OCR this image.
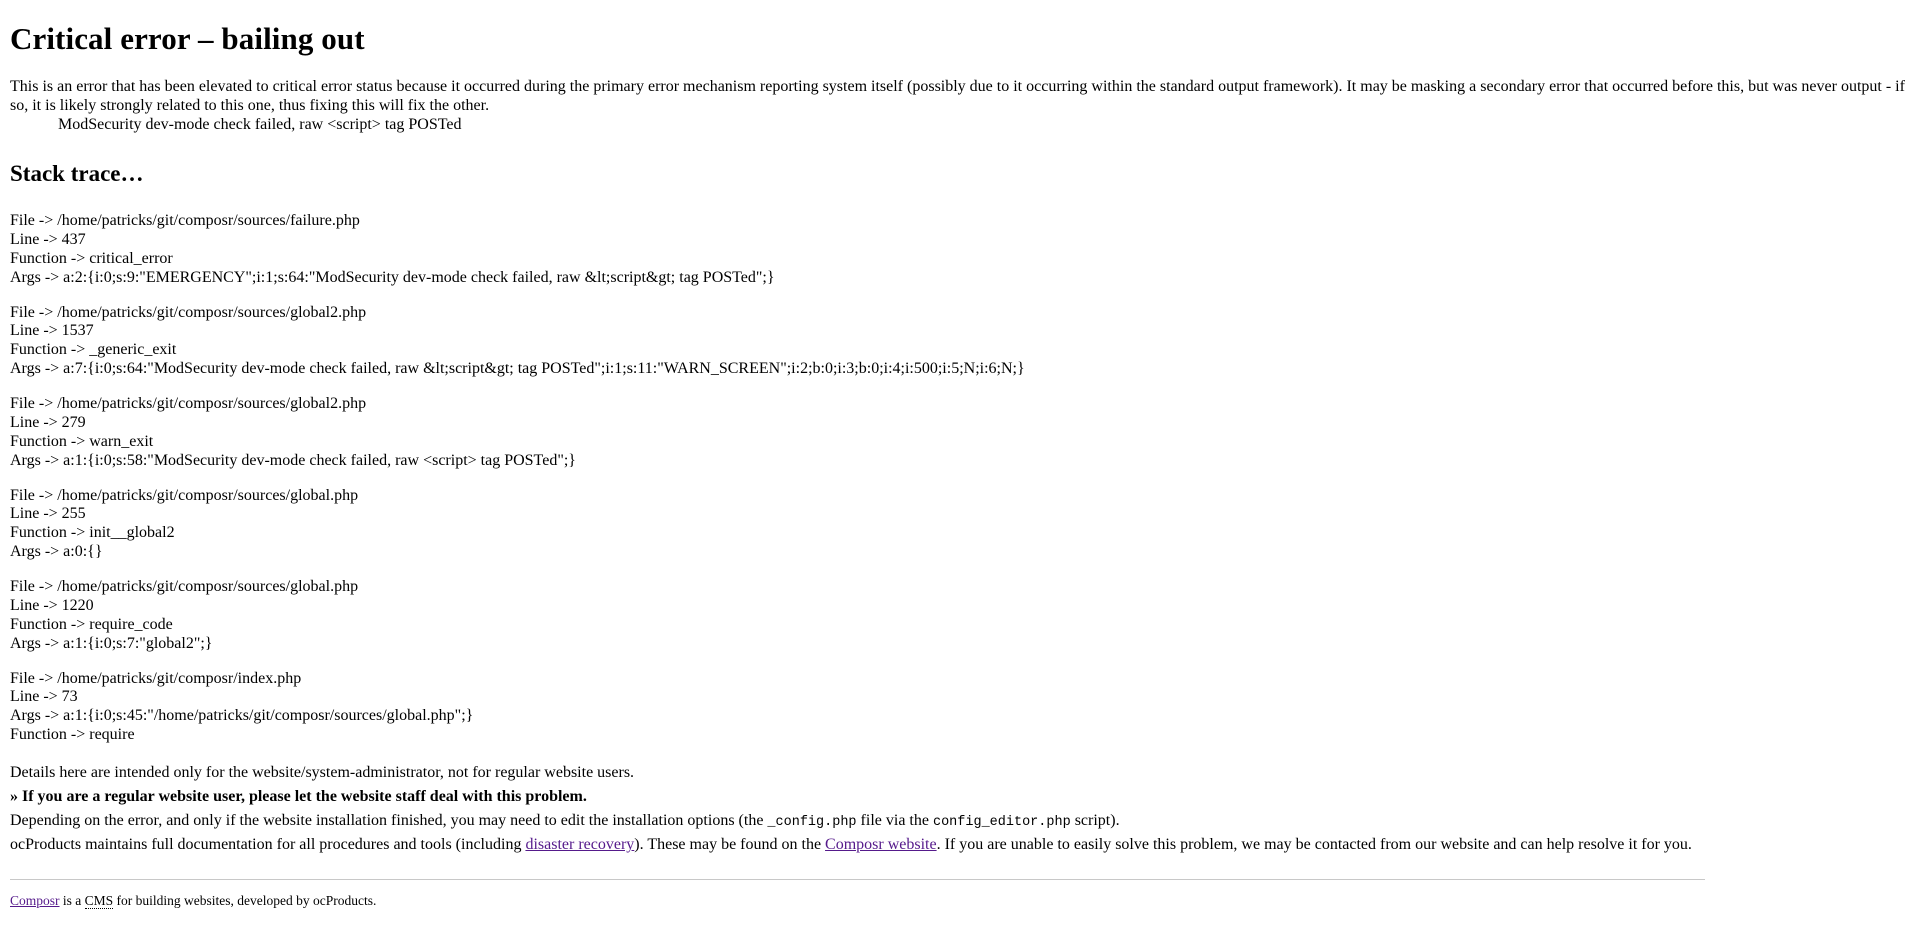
Critical error – bailing out

This is an error that has been elevated to critical error status because it occurred during the primary error mechanism reporting system itself (possibly due to it occurring within the standard output framework). It may be masking a secondary error that occurred before this, but was never output - if so, it is likely strongly related to this one, thus fixing this will fix the other.

ModSecurity dev-mode check failed, raw <script> tag POSTed

Stack trace…
File -> /home/patricks/git/composr/sources/failure.php
Line -> 437
Function -> critical_error
Args -> a:2:{i:0;s:9:"EMERGENCY";i:1;s:64:"ModSecurity dev-mode check failed, raw &lt;script&gt; tag POSTed";}
File -> /home/patricks/git/composr/sources/global2.php
Line -> 1537
Function -> _generic_exit
Args -> a:7:{i:0;s:64:"ModSecurity dev-mode check failed, raw &lt;script&gt; tag POSTed";i:1;s:11:"WARN_SCREEN";i:2;b:0;i:3;b:0;i:4;i:500;i:5;N;i:6;N;}
File -> /home/patricks/git/composr/sources/global2.php
Line -> 279
Function -> warn_exit
Args -> a:1:{i:0;s:58:"ModSecurity dev-mode check failed, raw <script> tag POSTed";}
File -> /home/patricks/git/composr/sources/global.php
Line -> 255
Function -> init__global2
Args -> a:0:{}
File -> /home/patricks/git/composr/sources/global.php
Line -> 1220
Function -> require_code
Args -> a:1:{i:0;s:7:"global2";}
File -> /home/patricks/git/composr/index.php
Line -> 73
Args -> a:1:{i:0;s:45:"/home/patricks/git/composr/sources/global.php";}
Function -> require

Details here are intended only for the website/system-administrator, not for regular website users.

» If you are a regular website user, please let the website staff deal with this problem.

Depending on the error, and only if the website installation finished, you may need to edit the installation options (the _config.php file via the config_editor.php script).

ocProducts maintains full documentation for all procedures and tools (including disaster recovery). These may be found on the Composr website. If you are unable to easily solve this problem, we may be contacted from our website and can help resolve it for you.

Composr is a CMS for building websites, developed by ocProducts.
